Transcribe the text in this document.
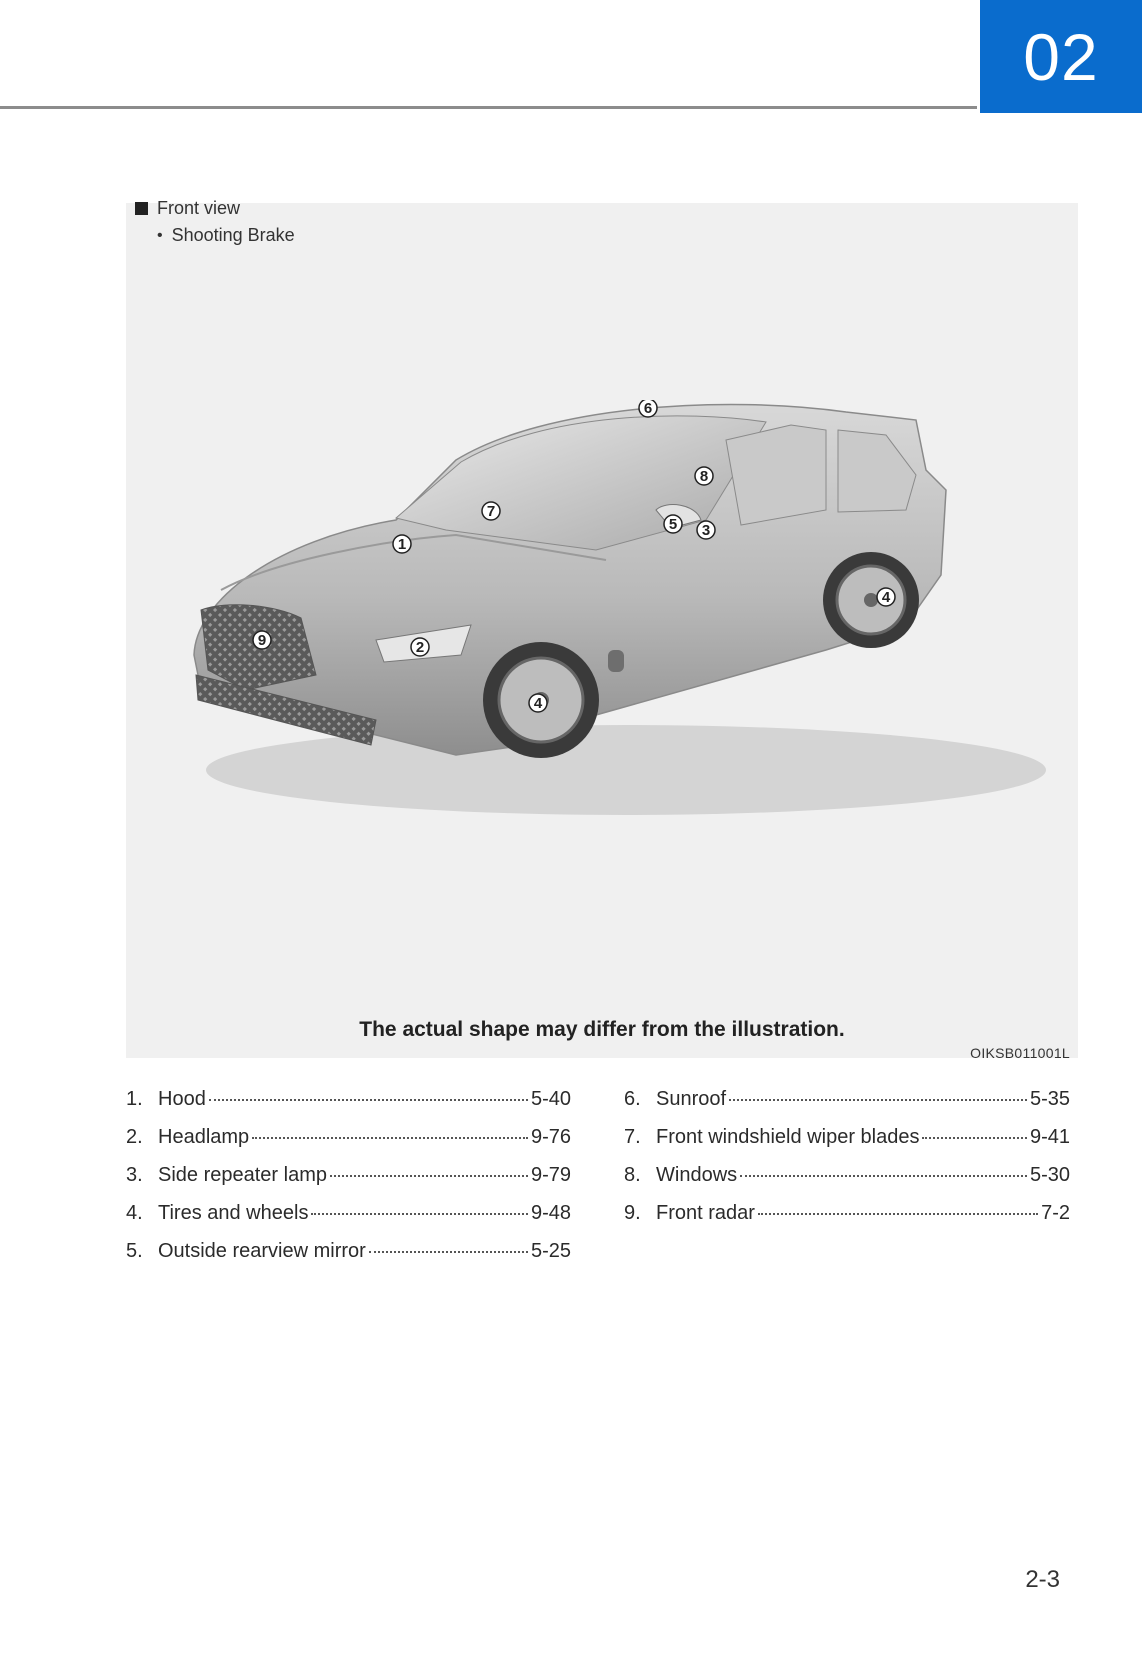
02
Front view
• Shooting Brake
1
2
3
4
4
5
6
7
8
9
The actual shape may differ from the illustration.
OIKSB011001L
1. Hood	5-40
2. Headlamp	9-76
3. Side repeater lamp	9-79
4. Tires and wheels	9-48
5. Outside rearview mirror	5-25
6. Sunroof	5-35
7. Front windshield wiper blades	9-41
8. Windows	5-30
9. Front radar	7-2
2-3
